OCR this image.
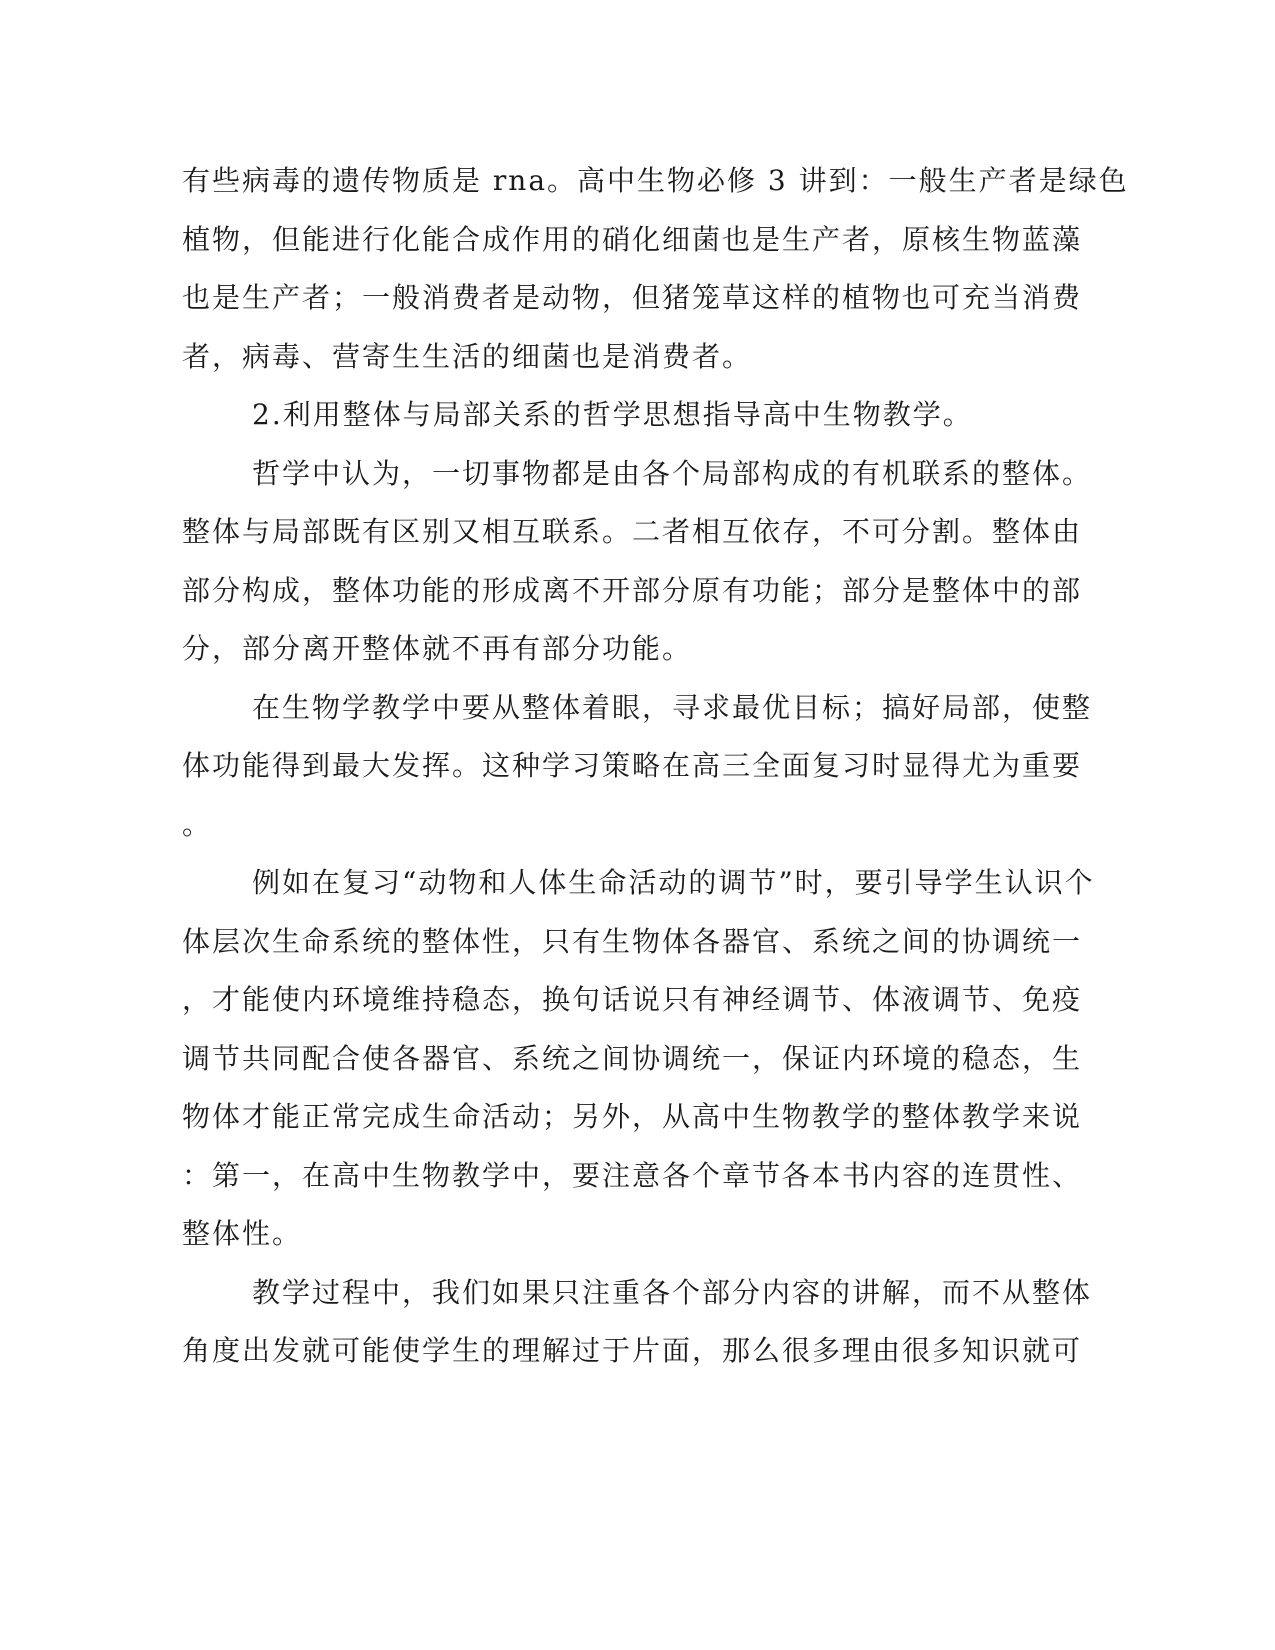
有些病毒的遗传物质是 rna。高中生物必修 3 讲到：一般生产者是绿色
植物，但能进行化能合成作用的硝化细菌也是生产者，原核生物蓝藻
也是生产者；一般消费者是动物，但猪笼草这样的植物也可充当消费
者，病毒、营寄生生活的细菌也是消费者。
2.利用整体与局部关系的哲学思想指导高中生物教学。
哲学中认为，一切事物都是由各个局部构成的有机联系的整体。
整体与局部既有区别又相互联系。二者相互依存，不可分割。整体由
部分构成，整体功能的形成离不开部分原有功能；部分是整体中的部
分，部分离开整体就不再有部分功能。
在生物学教学中要从整体着眼，寻求最优目标；搞好局部，使整
体功能得到最大发挥。这种学习策略在高三全面复习时显得尤为重要
。
例如在复习“动物和人体生命活动的调节”时，要引导学生认识个
体层次生命系统的整体性，只有生物体各器官、系统之间的协调统一
，才能使内环境维持稳态，换句话说只有神经调节、体液调节、免疫
调节共同配合使各器官、系统之间协调统一，保证内环境的稳态，生
物体才能正常完成生命活动；另外，从高中生物教学的整体教学来说
：第一，在高中生物教学中，要注意各个章节各本书内容的连贯性、
整体性。
教学过程中，我们如果只注重各个部分内容的讲解，而不从整体
角度出发就可能使学生的理解过于片面，那么很多理由很多知识就可
